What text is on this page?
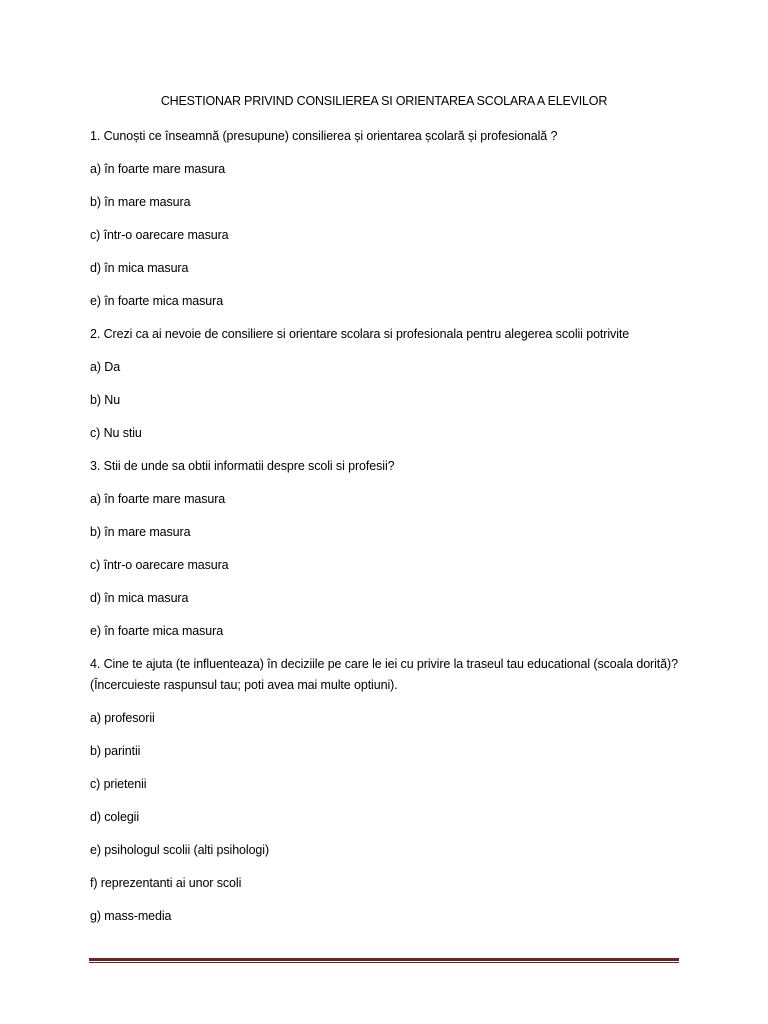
CHESTIONAR PRIVIND CONSILIEREA SI ORIENTAREA SCOLARA A ELEVILOR
1. Cunoști ce înseamnă (presupune) consilierea și orientarea școlară și profesională ?
a) în foarte mare masura
b) în mare masura
c) într-o oarecare masura
d) în mica masura
e) în foarte mica masura
2. Crezi ca ai nevoie de consiliere si orientare scolara si profesionala pentru alegerea scolii potrivite
a) Da
b) Nu
c) Nu stiu
3. Stii de unde sa obtii informatii despre scoli si profesii?
a) în foarte mare masura
b) în mare masura
c) într-o oarecare masura
d) în mica masura
e) în foarte mica masura
4. Cine te ajuta (te influenteaza) în deciziile pe care le iei cu privire la traseul tau educational (scoala dorită)? (Încercuieste raspunsul tau; poti avea mai multe optiuni).
a) profesorii
b) parintii
c) prietenii
d) colegii
e) psihologul scolii (alti psihologi)
f) reprezentanti ai unor scoli
g) mass-media
